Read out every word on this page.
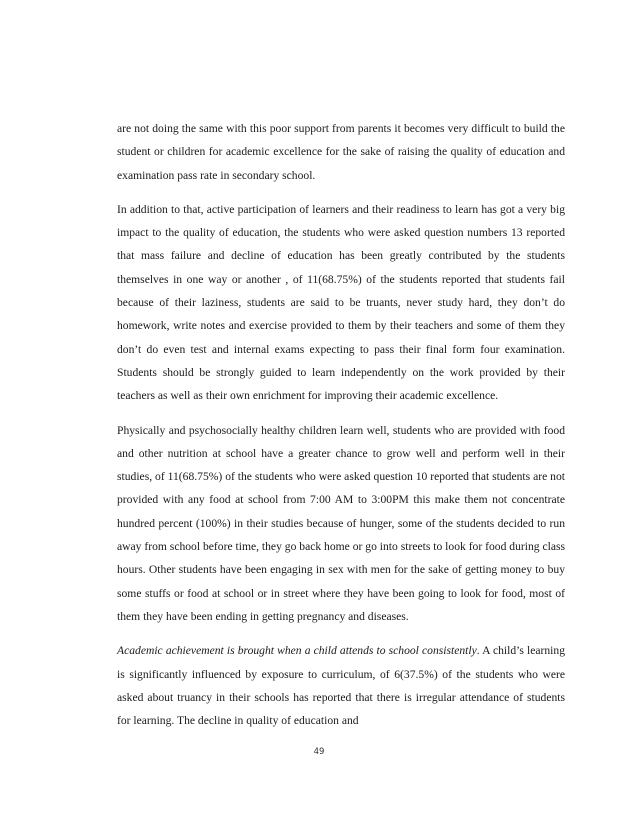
are not doing the same with this poor support from parents it becomes very difficult to build the student or children for academic excellence for the sake of raising the quality of education and examination pass rate in secondary school.

In addition to that, active participation of learners and their readiness to learn has got a very big impact to the quality of education, the students who were asked question numbers 13 reported that mass failure and decline of education has been greatly contributed by the students themselves in one way or another , of 11(68.75%) of the students reported that students fail because of their laziness, students are said to be truants, never study hard, they don’t do homework, write notes and exercise provided to them by their teachers and some of them they don’t do even test and internal exams expecting to pass their final form four examination. Students should be strongly guided to learn independently on the work provided by their teachers as well as their own enrichment for improving their academic excellence.

Physically and psychosocially healthy children learn well, students who are provided with food and other nutrition at school have a greater chance to grow well and perform well in their studies, of 11(68.75%) of the students who were asked question 10 reported that students are not provided with any food at school from 7:00 AM to 3:00PM this make them not concentrate hundred percent (100%) in their studies because of hunger, some of the students decided to run away from school before time, they go back home or go into streets to look for food during class hours. Other students have been engaging in sex with men for the sake of getting money to buy some stuffs or food at school or in street where they have been going to look for food, most of them they have been ending in getting pregnancy and diseases.

Academic achievement is brought when a child attends to school consistently. A child’s learning is significantly influenced by exposure to curriculum, of 6(37.5%) of the students who were asked about truancy in their schools has reported that there is irregular attendance of students for learning. The decline in quality of education and

49
